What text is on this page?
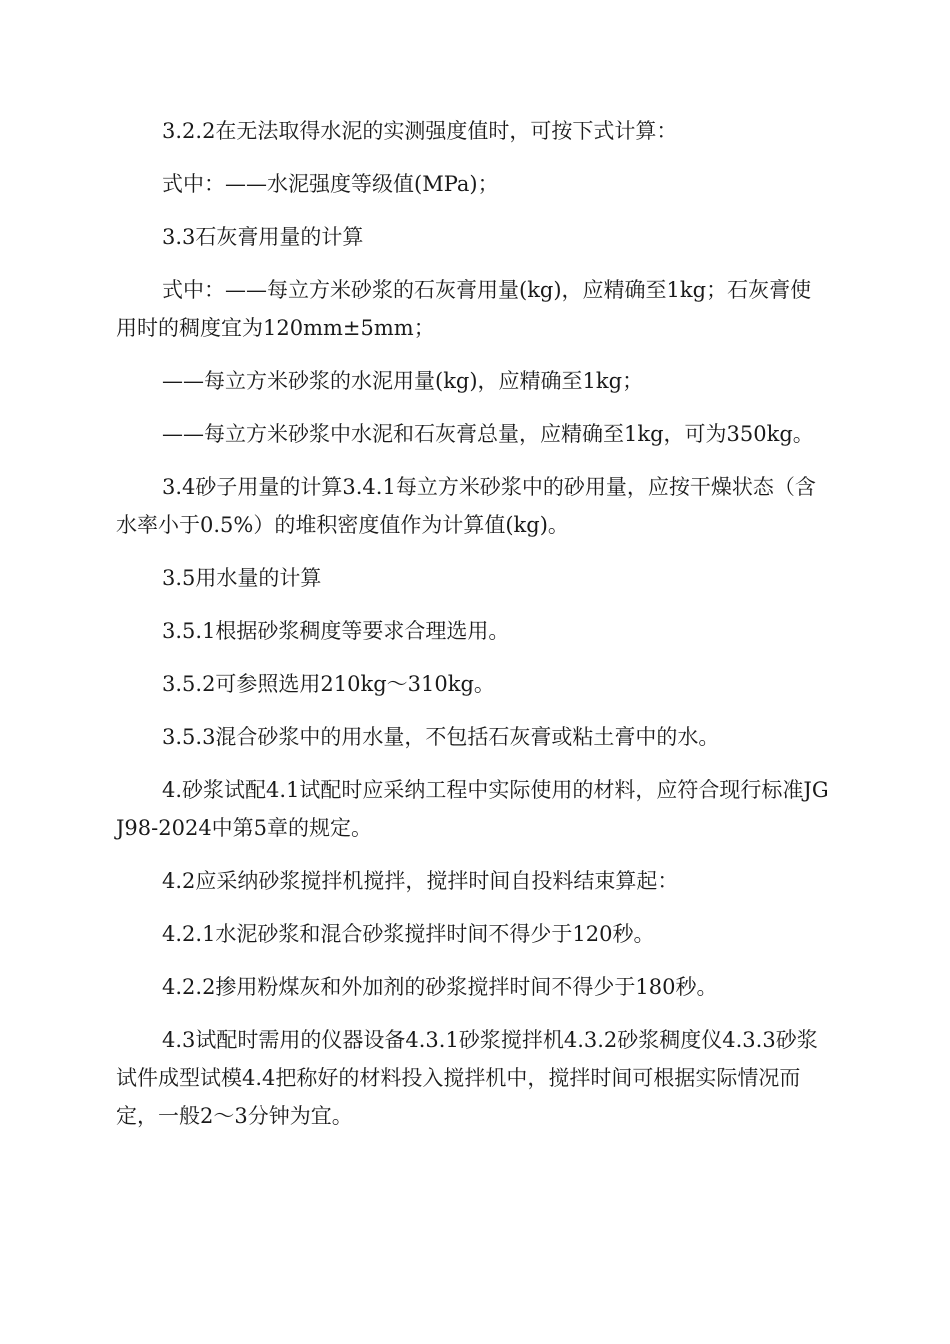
3.2.2在无法取得水泥的实测强度值时，可按下式计算：

式中：——水泥强度等级值(MPa)；

3.3石灰膏用量的计算

式中：——每立方米砂浆的石灰膏用量(kg)，应精确至1kg；石灰膏使用时的稠度宜为120mm±5mm；

——每立方米砂浆的水泥用量(kg)，应精确至1kg；

——每立方米砂浆中水泥和石灰膏总量，应精确至1kg，可为350kg。

3.4砂子用量的计算3.4.1每立方米砂浆中的砂用量，应按干燥状态（含水率小于0.5%）的堆积密度值作为计算值(kg)。

3.5用水量的计算

3.5.1根据砂浆稠度等要求合理选用。

3.5.2可参照选用210kg～310kg。

3.5.3混合砂浆中的用水量，不包括石灰膏或粘土膏中的水。

4.砂浆试配4.1试配时应采纳工程中实际使用的材料，应符合现行标准JGJ98-2024中第5章的规定。

4.2应采纳砂浆搅拌机搅拌，搅拌时间自投料结束算起：

4.2.1水泥砂浆和混合砂浆搅拌时间不得少于120秒。

4.2.2掺用粉煤灰和外加剂的砂浆搅拌时间不得少于180秒。

4.3试配时需用的仪器设备4.3.1砂浆搅拌机4.3.2砂浆稠度仪4.3.3砂浆试件成型试模4.4把称好的材料投入搅拌机中，搅拌时间可根据实际情况而定，一般2～3分钟为宜。
